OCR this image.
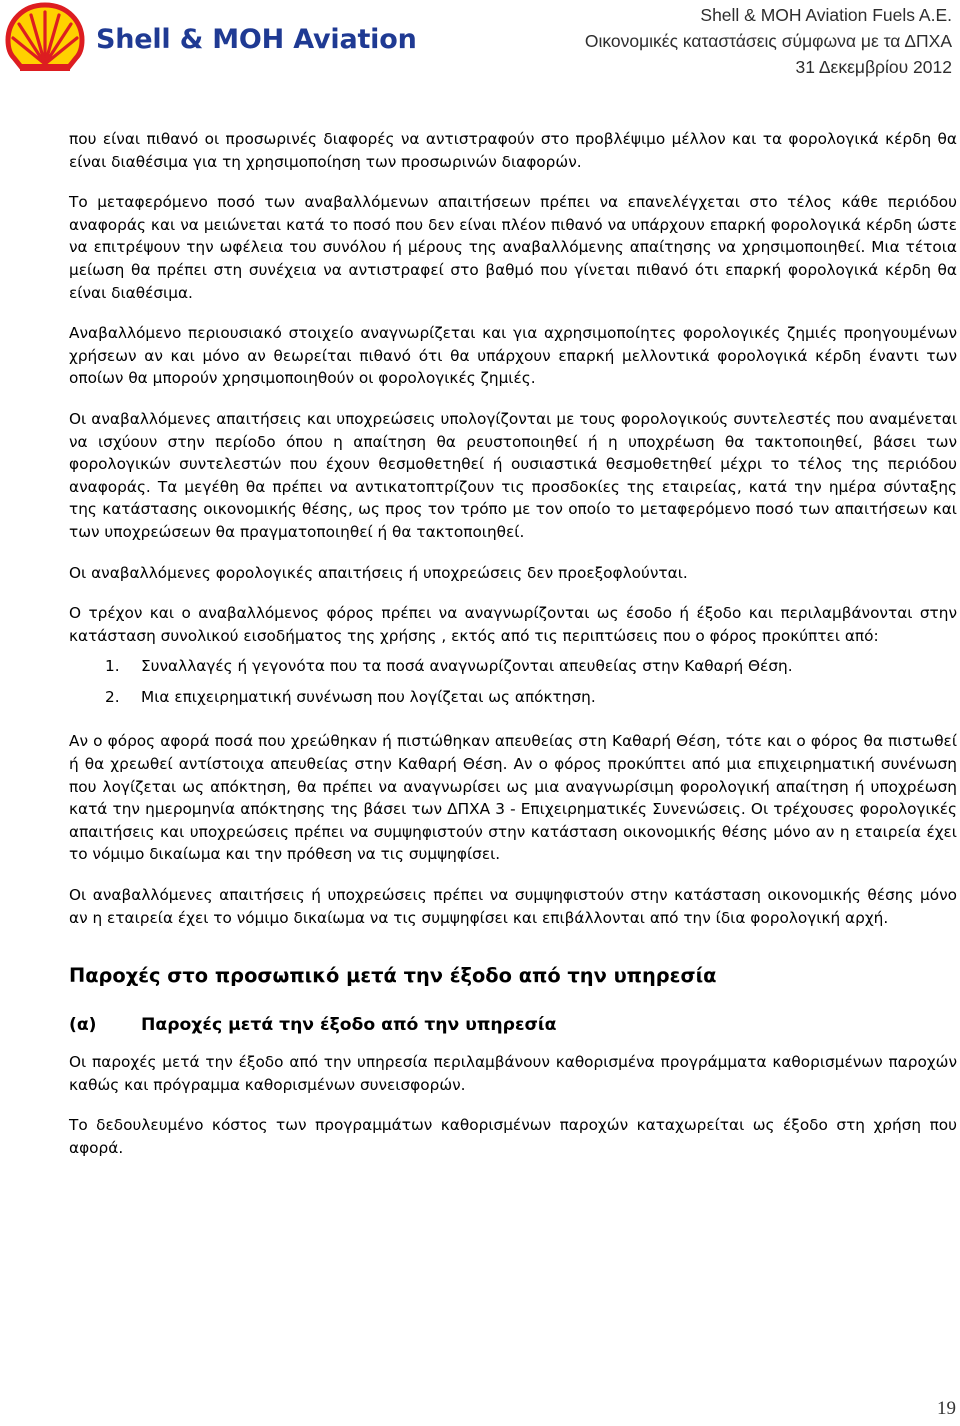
Shell & MOH Aviation
Shell & MOH Aviation Fuels A.E.
Οικονομικές καταστάσεις σύμφωνα με τα ΔΠΧΑ
31 Δεκεμβρίου 2012

που είναι πιθανό οι προσωρινές διαφορές να αντιστραφούν στο προβλέψιμο μέλλον και τα φορολογικά κέρδη θα είναι διαθέσιμα για τη χρησιμοποίηση των προσωρινών διαφορών.

Το μεταφερόμενο ποσό των αναβαλλόμενων απαιτήσεων πρέπει να επανελέγχεται στο τέλος κάθε περιόδου αναφοράς και να μειώνεται κατά το ποσό που δεν είναι πλέον πιθανό να υπάρχουν επαρκή φορολογικά κέρδη ώστε να επιτρέψουν την ωφέλεια του συνόλου ή μέρους της αναβαλλόμενης απαίτησης να χρησιμοποιηθεί. Μια τέτοια μείωση θα πρέπει στη συνέχεια να αντιστραφεί στο βαθμό που γίνεται πιθανό ότι επαρκή φορολογικά κέρδη θα είναι διαθέσιμα.

Αναβαλλόμενο περιουσιακό στοιχείο αναγνωρίζεται και για αχρησιμοποίητες φορολογικές ζημιές προηγουμένων χρήσεων αν και μόνο αν θεωρείται πιθανό ότι θα υπάρχουν επαρκή μελλοντικά φορολογικά κέρδη έναντι των οποίων θα μπορούν χρησιμοποιηθούν οι φορολογικές ζημιές.

Οι αναβαλλόμενες απαιτήσεις και υποχρεώσεις υπολογίζονται με τους φορολογικούς συντελεστές που αναμένεται να ισχύουν στην περίοδο όπου η απαίτηση θα ρευστοποιηθεί ή η υποχρέωση θα τακτοποιηθεί, βάσει των φορολογικών συντελεστών που έχουν θεσμοθετηθεί ή ουσιαστικά θεσμοθετηθεί μέχρι το τέλος της περιόδου αναφοράς. Τα μεγέθη θα πρέπει να αντικατοπτρίζουν τις προσδοκίες της εταιρείας, κατά την ημέρα σύνταξης της κατάστασης οικονομικής θέσης, ως προς τον τρόπο με τον οποίο το μεταφερόμενο ποσό των απαιτήσεων και των υποχρεώσεων θα πραγματοποιηθεί ή θα τακτοποιηθεί.

Οι αναβαλλόμενες φορολογικές απαιτήσεις ή υποχρεώσεις δεν προεξοφλούνται.

Ο τρέχον και ο αναβαλλόμενος φόρος πρέπει να αναγνωρίζονται ως έσοδο ή έξοδο και περιλαμβάνονται στην κατάσταση συνολικού εισοδήματος της χρήσης , εκτός από τις περιπτώσεις που ο φόρος προκύπτει από:

1.	Συναλλαγές ή γεγονότα που τα ποσά αναγνωρίζονται απευθείας στην Καθαρή Θέση.
2.	Μια επιχειρηματική συνένωση που λογίζεται ως απόκτηση.

Αν ο φόρος αφορά ποσά που χρεώθηκαν ή πιστώθηκαν απευθείας στη Καθαρή Θέση, τότε και ο φόρος θα πιστωθεί ή θα χρεωθεί αντίστοιχα απευθείας στην Καθαρή Θέση. Αν ο φόρος προκύπτει από μια επιχειρηματική συνένωση που λογίζεται ως απόκτηση, θα πρέπει να αναγνωρίσει ως μια αναγνωρίσιμη φορολογική απαίτηση ή υποχρέωση κατά την ημερομηνία απόκτησης της βάσει των ΔΠΧΑ 3 - Επιχειρηματικές Συνενώσεις. Οι τρέχουσες φορολογικές απαιτήσεις και υποχρεώσεις πρέπει να συμψηφιστούν στην κατάσταση οικονομικής θέσης μόνο αν η εταιρεία έχει το νόμιμο δικαίωμα και την πρόθεση να τις συμψηφίσει.

Οι αναβαλλόμενες απαιτήσεις ή υποχρεώσεις πρέπει να συμψηφιστούν στην κατάσταση οικονομικής θέσης μόνο αν η εταιρεία έχει το νόμιμο δικαίωμα να τις συμψηφίσει και επιβάλλονται από την ίδια φορολογική αρχή.

Παροχές στο προσωπικό μετά την έξοδο από την υπηρεσία
(α)	Παροχές μετά την έξοδο από την υπηρεσία

Οι παροχές μετά την έξοδο από την υπηρεσία περιλαμβάνουν καθορισμένα προγράμματα καθορισμένων παροχών καθώς και πρόγραμμα καθορισμένων συνεισφορών.

Το δεδουλευμένο κόστος των προγραμμάτων καθορισμένων παροχών καταχωρείται ως έξοδο στη χρήση που αφορά.

19
